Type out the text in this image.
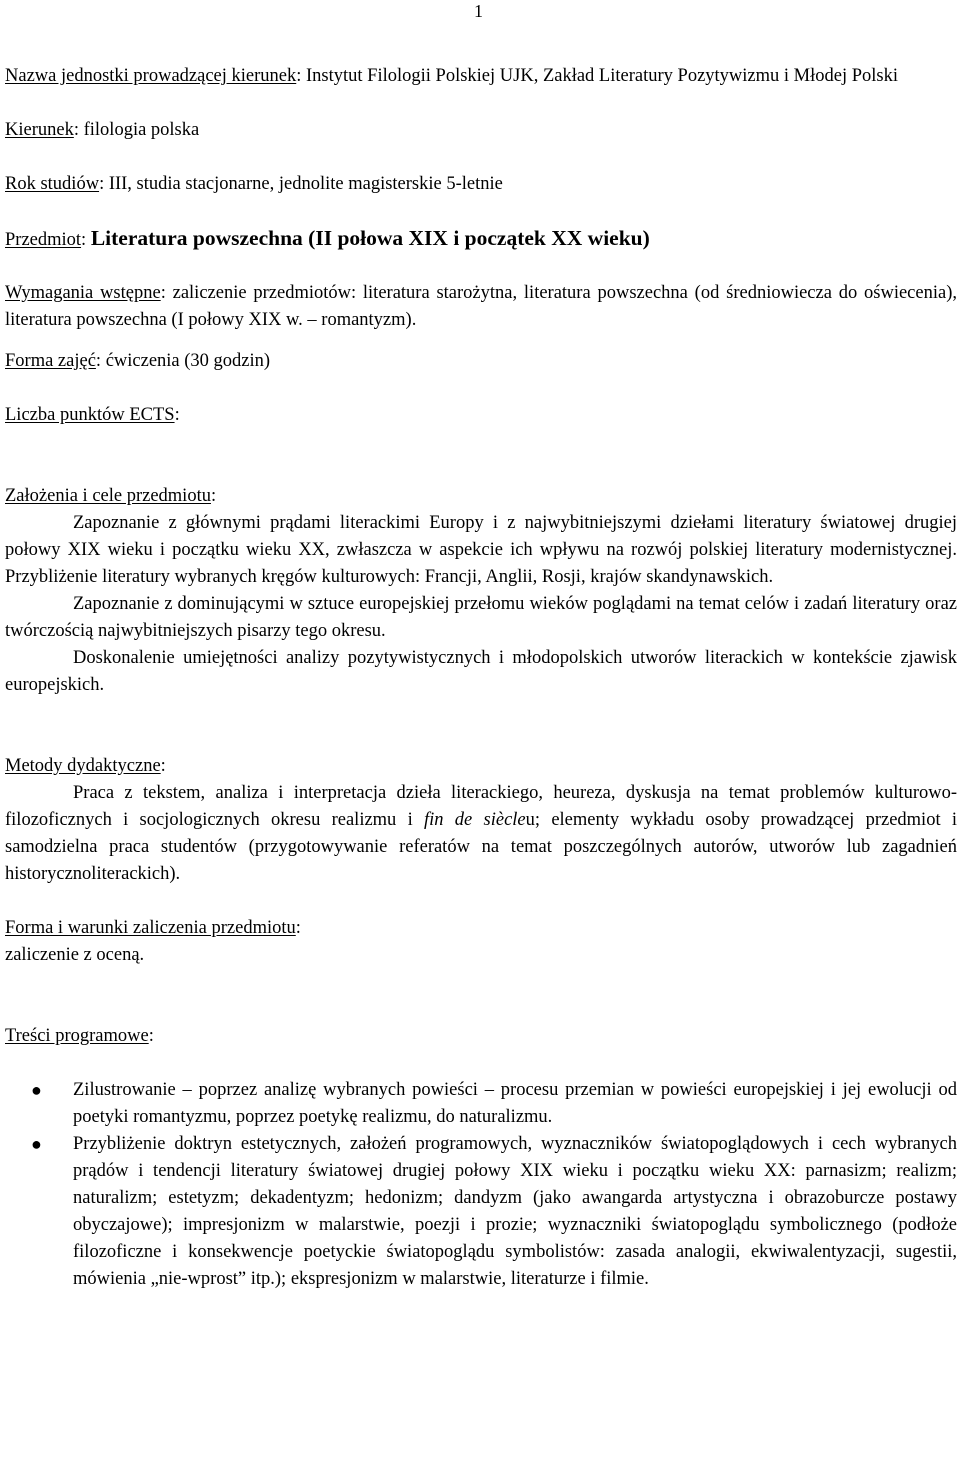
1

Nazwa jednostki prowadzącej kierunek: Instytut Filologii Polskiej UJK, Zakład Literatury Pozytywizmu i Młodej Polski

Kierunek: filologia polska

Rok studiów: III, studia stacjonarne, jednolite magisterskie 5-letnie

Przedmiot: Literatura powszechna (II połowa XIX i początek XX wieku)

Wymagania wstępne: zaliczenie przedmiotów: literatura starożytna, literatura powszechna (od średniowiecza do oświecenia), literatura powszechna (I połowy XIX w. – romantyzm).

Forma zajęć: ćwiczenia (30 godzin)

Liczba punktów ECTS:

Założenia i cele przedmiotu:

Zapoznanie z głównymi prądami literackimi Europy i z najwybitniejszymi dziełami literatury światowej drugiej połowy XIX wieku i początku wieku XX, zwłaszcza w aspekcie ich wpływu na rozwój polskiej literatury modernistycznej. Przybliżenie literatury wybranych kręgów kulturowych: Francji, Anglii, Rosji, krajów skandynawskich.

Zapoznanie z dominującymi w sztuce europejskiej przełomu wieków poglądami na temat celów i zadań literatury oraz twórczością najwybitniejszych pisarzy tego okresu.

Doskonalenie umiejętności analizy pozytywistycznych i młodopolskich utworów literackich w kontekście zjawisk europejskich.

Metody dydaktyczne:

Praca z tekstem, analiza i interpretacja dzieła literackiego, heureza, dyskusja na temat problemów kulturowo-filozoficznych i socjologicznych okresu realizmu i fin de siècleu; elementy wykładu osoby prowadzącej przedmiot i samodzielna praca studentów (przygotowywanie referatów na temat poszczególnych autorów, utworów lub zagadnień historycznoliterackich).

Forma i warunki zaliczenia przedmiotu:

zaliczenie z oceną.

Treści programowe:

● Zilustrowanie – poprzez analizę wybranych powieści – procesu przemian w powieści europejskiej i jej ewolucji od poetyki romantyzmu, poprzez poetykę realizmu, do naturalizmu.
● Przybliżenie doktryn estetycznych, założeń programowych, wyznaczników światopoglądowych i cech wybranych prądów i tendencji literatury światowej drugiej połowy XIX wieku i początku wieku XX: parnasizm; realizm; naturalizm; estetyzm; dekadentyzm; hedonizm; dandyzm (jako awangarda artystyczna i obrazoburcze postawy obyczajowe); impresjonizm w malarstwie, poezji i prozie; wyznaczniki światopoglądu symbolicznego (podłoże filozoficzne i konsekwencje poetyckie światopoglądu symbolistów: zasada analogii, ekwiwalentyzacji, sugestii, mówienia „nie-wprost” itp.); ekspresjonizm w malarstwie, literaturze i filmie.
